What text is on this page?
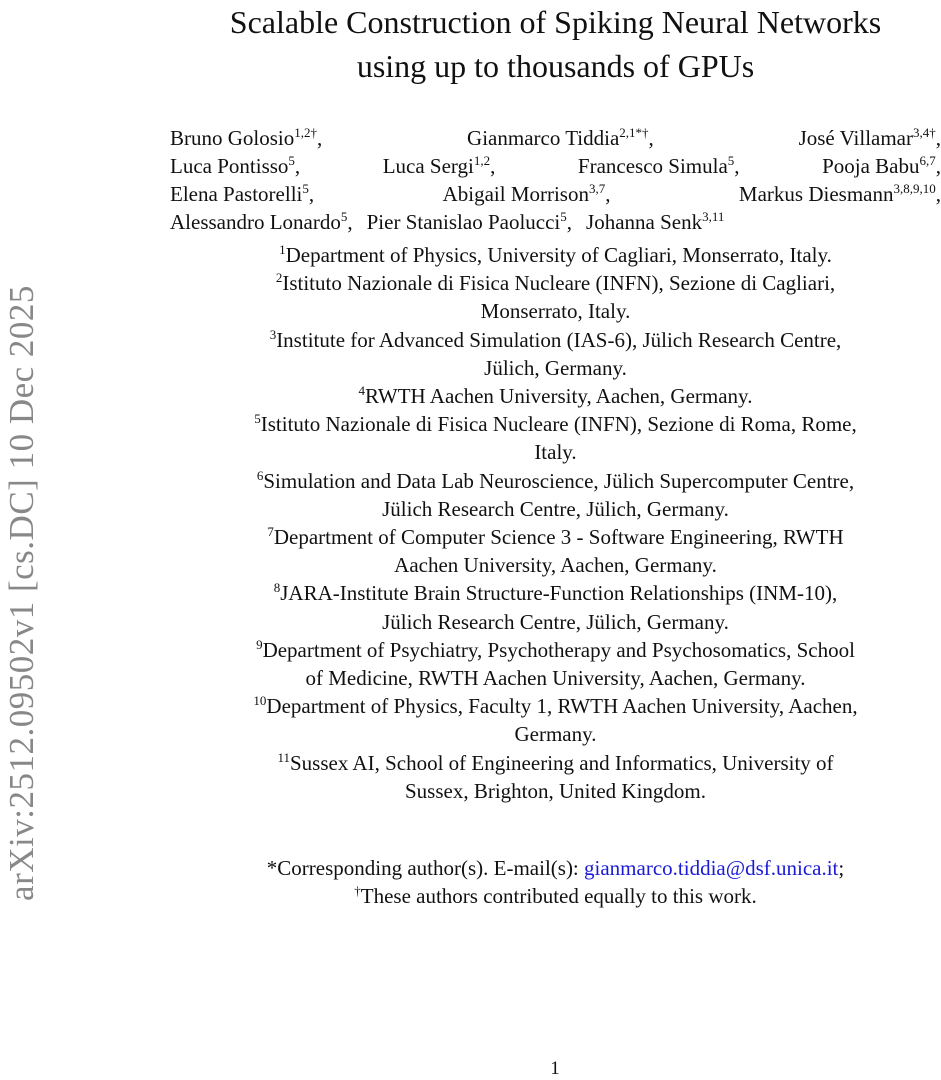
arXiv:2512.09502v1 [cs.DC] 10 Dec 2025
Scalable Construction of Spiking Neural Networks
using up to thousands of GPUs
Bruno Golosio$^{1,2\dagger}$,	Gianmarco Tiddia$^{2,1*\dagger}$,	José Villamar$^{3,4\dagger}$,
Luca Pontisso$^5$,	Luca Sergi$^{1,2}$,	Francesco Simula$^5$,	Pooja Babu$^{6,7}$,
Elena Pastorelli$^5$,	Abigail Morrison$^{3,7}$,	Markus Diesmann$^{3,8,9,10}$,
Alessandro Lonardo$^5$, Pier Stanislao Paolucci$^5$, Johanna Senk$^{3,11}$
$^1$Department of Physics, University of Cagliari, Monserrato, Italy.
$^2$Istituto Nazionale di Fisica Nucleare (INFN), Sezione di Cagliari,
Monserrato, Italy.
$^3$Institute for Advanced Simulation (IAS-6), Jülich Research Centre,
Jülich, Germany.
$^4$RWTH Aachen University, Aachen, Germany.
$^5$Istituto Nazionale di Fisica Nucleare (INFN), Sezione di Roma, Rome,
Italy.
$^6$Simulation and Data Lab Neuroscience, Jülich Supercomputer Centre,
Jülich Research Centre, Jülich, Germany.
$^7$Department of Computer Science 3 - Software Engineering, RWTH
Aachen University, Aachen, Germany.
$^8$JARA-Institute Brain Structure-Function Relationships (INM-10),
Jülich Research Centre, Jülich, Germany.
$^9$Department of Psychiatry, Psychotherapy and Psychosomatics, School
of Medicine, RWTH Aachen University, Aachen, Germany.
$^{10}$Department of Physics, Faculty 1, RWTH Aachen University, Aachen,
Germany.
$^{11}$Sussex AI, School of Engineering and Informatics, University of
Sussex, Brighton, United Kingdom.
*Corresponding author(s). E-mail(s): gianmarco.tiddia@dsf.unica.it;
†These authors contributed equally to this work.
1
